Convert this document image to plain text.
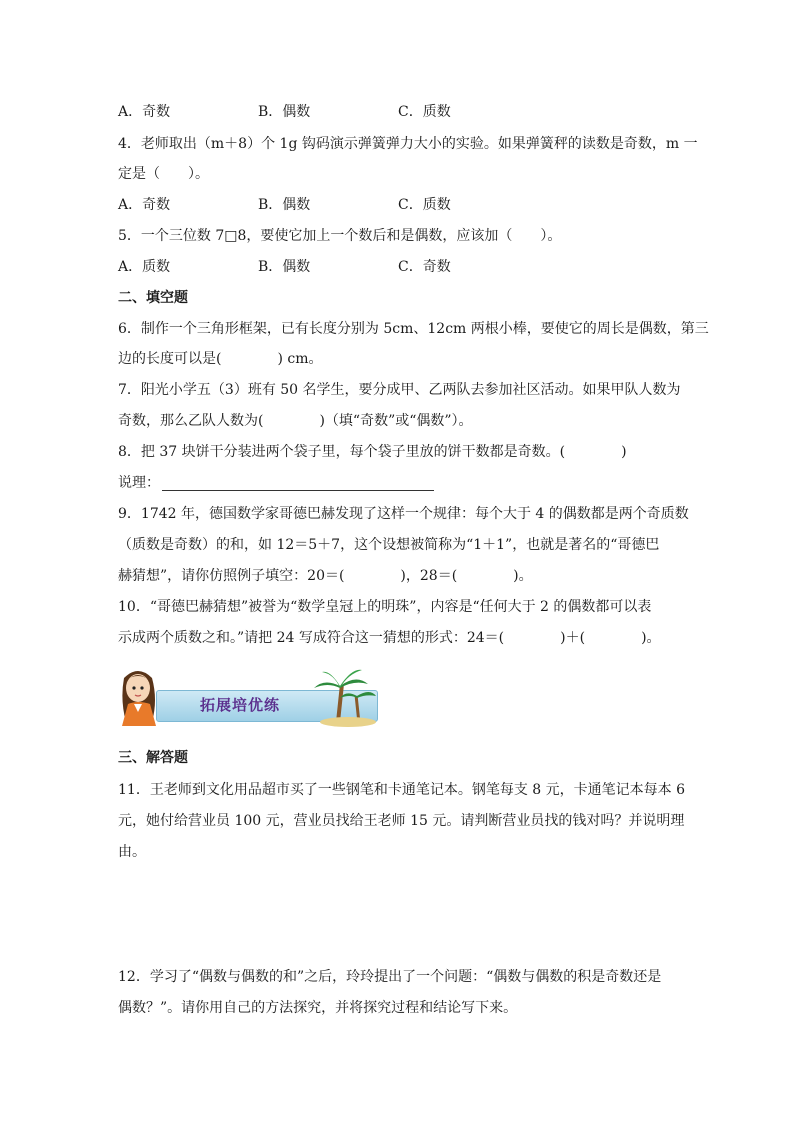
A．奇数	B．偶数	C．质数
4．老师取出（m＋8）个 1g 钩码演示弹簧弹力大小的实验。如果弹簧秤的读数是奇数，m 一
定是（　　）。
A．奇数	B．偶数	C．质数
5．一个三位数 7□8，要使它加上一个数后和是偶数，应该加（　　）。
A．质数	B．偶数	C．奇数
二、填空题
6．制作一个三角形框架，已有长度分别为 5cm、12cm 两根小棒，要使它的周长是偶数，第三
边的长度可以是(　　　　) cm。
7．阳光小学五（3）班有 50 名学生，要分成甲、乙两队去参加社区活动。如果甲队人数为
奇数，那么乙队人数为(　　　　)（填“奇数”或“偶数”）。
8．把 37 块饼干分装进两个袋子里，每个袋子里放的饼干数都是奇数。(　　　　)
说理：
9．1742 年，德国数学家哥德巴赫发现了这样一个规律：每个大于 4 的偶数都是两个奇质数
（质数是奇数）的和，如 12＝5＋7，这个设想被简称为“1＋1”，也就是著名的“哥德巴
赫猜想”，请你仿照例子填空：20＝(　　　　)，28＝(　　　　)。
10．“哥德巴赫猜想”被誉为“数学皇冠上的明珠”，内容是“任何大于 2 的偶数都可以表
示成两个质数之和。”请把 24 写成符合这一猜想的形式：24＝(　　　　)＋(　　　　)。
拓展培优练
三、解答题
11．王老师到文化用品超市买了一些钢笔和卡通笔记本。钢笔每支 8 元，卡通笔记本每本 6
元，她付给营业员 100 元，营业员找给王老师 15 元。请判断营业员找的钱对吗？并说明理
由。
12．学习了“偶数与偶数的和”之后，玲玲提出了一个问题：“偶数与偶数的积是奇数还是
偶数？”。请你用自己的方法探究，并将探究过程和结论写下来。
